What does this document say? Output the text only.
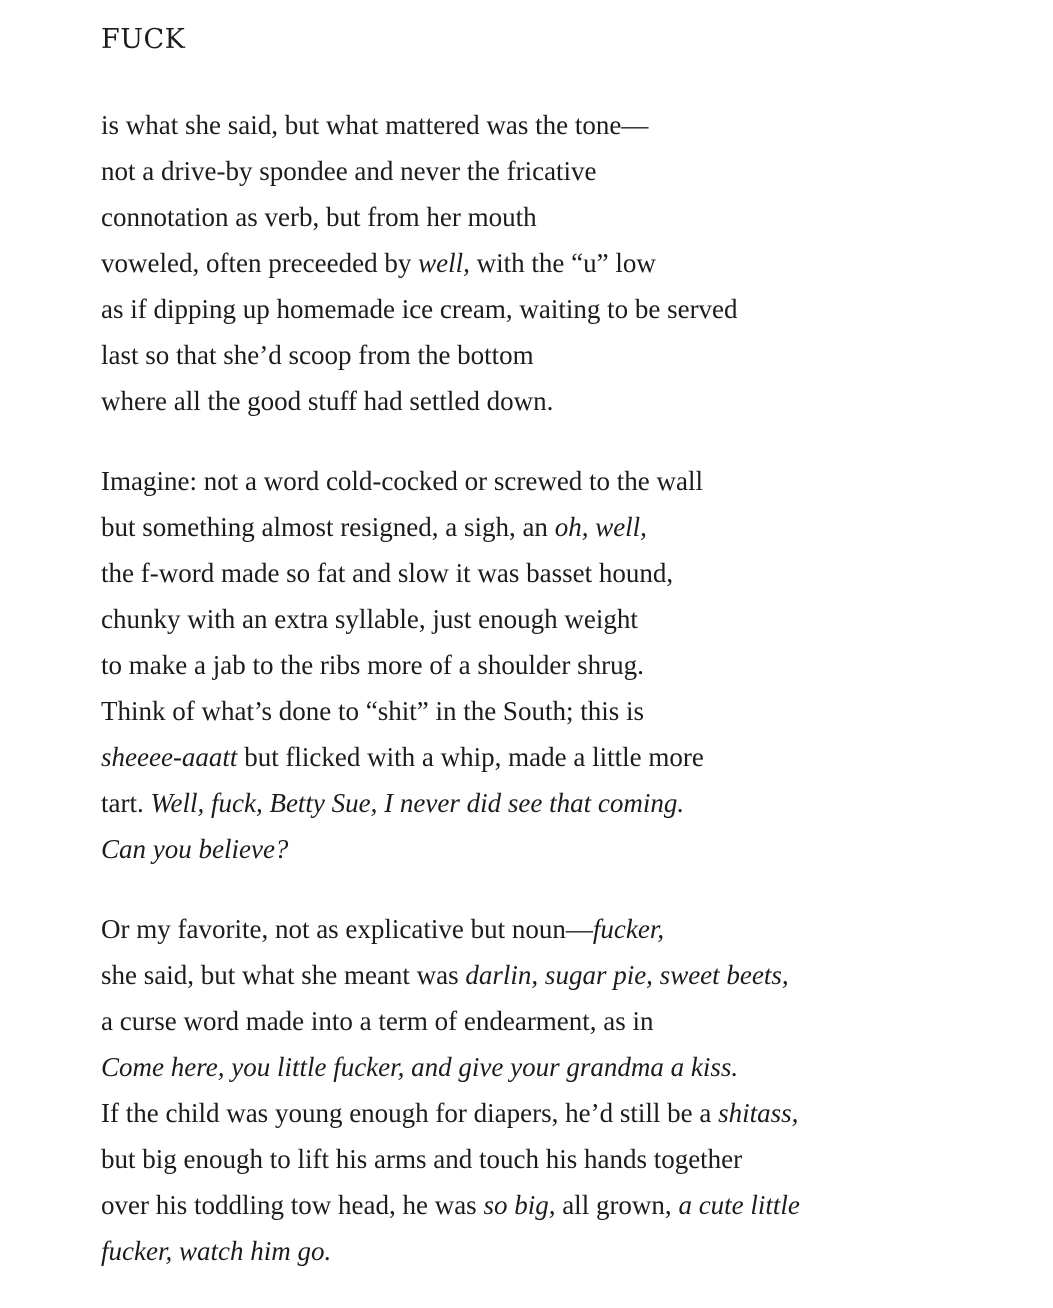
FUCK
is what she said, but what mattered was the tone—
not a drive-by spondee and never the fricative
connotation as verb, but from her mouth
voweled, often preceeded by well, with the “u” low
as if dipping up homemade ice cream, waiting to be served
last so that she’d scoop from the bottom
where all the good stuff had settled down.
Imagine: not a word cold-cocked or screwed to the wall
but something almost resigned, a sigh, an oh, well,
the f-word made so fat and slow it was basset hound,
chunky with an extra syllable, just enough weight
to make a jab to the ribs more of a shoulder shrug.
Think of what’s done to “shit” in the South; this is
sheeee-aaatt but flicked with a whip, made a little more
tart. Well, fuck, Betty Sue, I never did see that coming.
Can you believe?
Or my favorite, not as explicative but noun—fucker,
she said, but what she meant was darlin, sugar pie, sweet beets,
a curse word made into a term of endearment, as in
Come here, you little fucker, and give your grandma a kiss.
If the child was young enough for diapers, he’d still be a shitass,
but big enough to lift his arms and touch his hands together
over his toddling tow head, he was so big, all grown, a cute little
fucker, watch him go.
